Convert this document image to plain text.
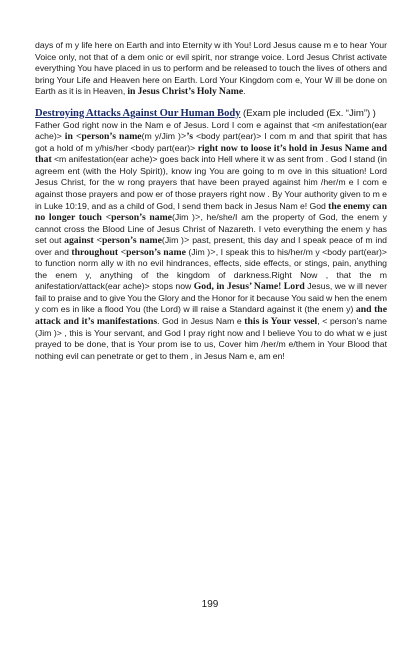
days of m y life here on Earth and into Eternity w ith You! Lord Jesus cause m e to hear Your Voice only, not that of a dem onic or evil spirit, nor strange voice. Lord Jesus Christ activate everything You have placed in us to perform and be released to touch the lives of others and bring Your Life and Heaven here on Earth. Lord Your Kingdom com e, Your W ill be done on Earth as it is in Heaven, in Jesus Christ’s Holy Name.

Destroying Attacks Against Our Human Body (Exam ple included (Ex. “Jim”) )

Father God right now in the Nam e of Jesus. Lord I com e against that <m anifestation(ear ache)> in <person’s name(m y/Jim )>’s <body part(ear)> I com m and that spirit that has got a hold of m y/his/her <body part(ear)> right now to loose it’s hold in Jesus Name and that <m anifestation(ear ache)> goes back into Hell where it w as sent from . God I stand (in agreem ent (with the Holy Spirit)), know ing You are going to m ove in this situation! Lord Jesus Christ, for the w rong prayers that have been prayed against him /her/m e I com e against those prayers and pow er of those prayers right now . By Your authority given to m e in Luke 10:19, and as a child of God, I send them back in Jesus Nam e! God the enemy can no longer touch <person’s name(Jim )>, he/she/I am the property of God, the enem y cannot cross the Blood Line of Jesus Christ of Nazareth. I veto everything the enem y has set out against <person’s name(Jim )> past, present, this day and I speak peace of m ind over and throughout <person’s name (Jim )>, I speak this to his/her/m y <body part(ear)> to function norm ally w ith no evil hindrances, effects, side effects, or stings, pain, anything the enem y, anything of the kingdom of darkness.Right Now , that the m anifestation/attack(ear ache)> stops now God, in Jesus’ Name! Lord Jesus, we w ill never fail to praise and to give You the Glory and the Honor for it because You said w hen the enem y com es in like a flood You (the Lord) w ill raise a Standard against it (the enem y) and the attack and it’s manifestations. God in Jesus Nam e this is Your vessel, < person’s name (Jim )> , this is Your servant, and God I pray right now and I believe You to do what w e just prayed to be done, that is Your prom ise to us, Cover him /her/m e/them in Your Blood that nothing evil can penetrate or get to them , in Jesus Nam e, am en!

199
